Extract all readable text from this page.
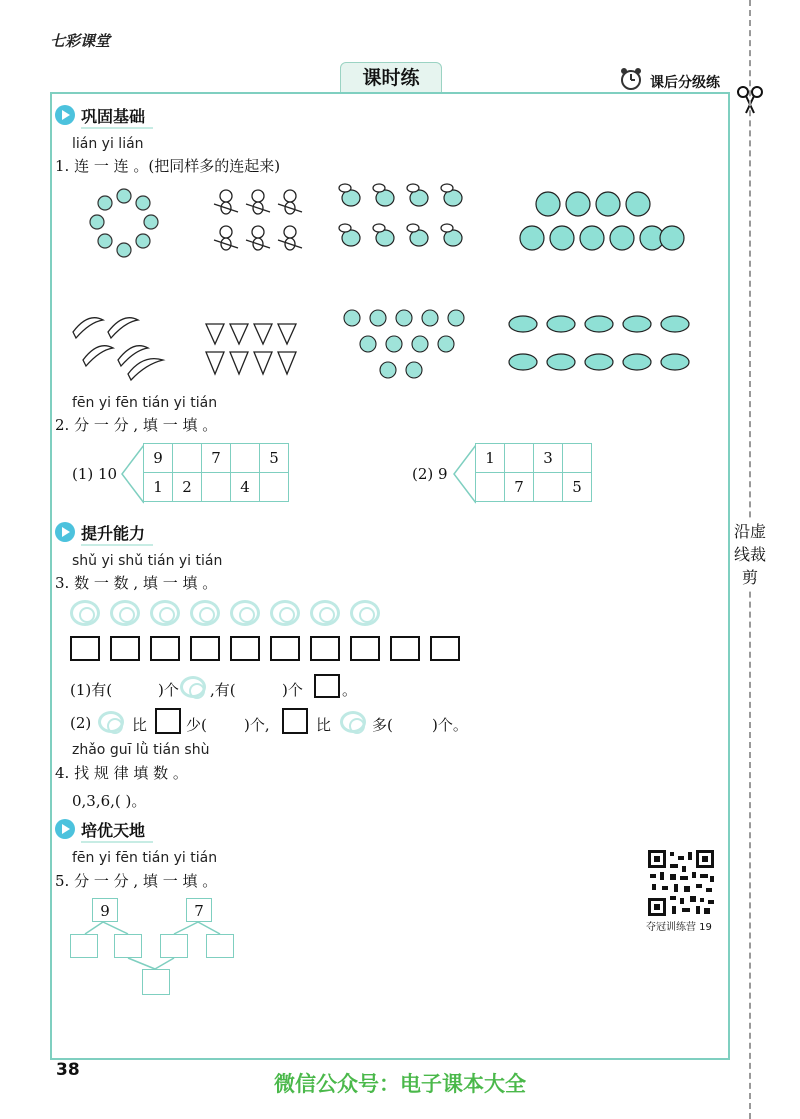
七彩课堂
课时练	课后分级练
沿虚线裁剪
巩固基础
lián yi lián
1. 连 一 连 。(把同样多的连起来)
fēn yi fēn tián yi tián
2. 分 一 分 , 填 一 填 。
(1) 10
9		7		5
1	2		4	
(2) 9
1		3	
	7		5
提升能力
shǔ yi shǔ tián yi tián
3. 数 一 数 , 填 一 填 。
(1)有(	)个 ,有(	)个	。
(2)	比	少( )个,	比	多(	)个。
zhǎo guī lǜ tián shù
4. 找 规 律 填 数 。
0,3,6,( )。
培优天地
fēn yi fēn tián yi tián
5. 分 一 分 , 填 一 填 。
9	7
夺冠训练营 19
38
微信公众号：电子课本大全
